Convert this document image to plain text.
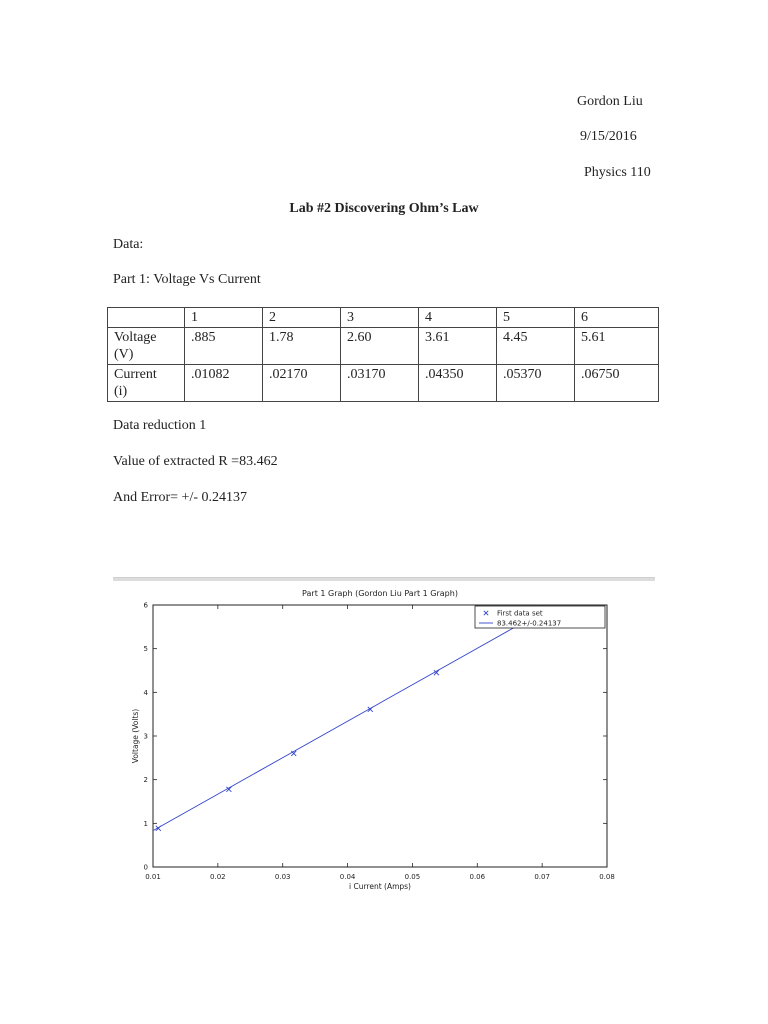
Gordon Liu
9/15/2016
Physics 110
Lab #2 Discovering Ohm’s Law
Data:
Part 1: Voltage Vs Current
	1	2	3	4	5	6
Voltage
(V)	.885	1.78	2.60	3.61	4.45	5.61
Current
(i)	.01082	.02170	.03170	.04350	.05370	.06750
Data reduction 1
Value of extracted R =83.462
And Error= +/- 0.24137
Part 1 Graph (Gordon Liu Part 1 Graph)
0.01	0.02	0.03	0.04	0.05	0.06	0.07	0.08
0
1
2
3
4
5
6
i Current (Amps)
Voltage (Volts)
First data set
83.462+/-0.24137
